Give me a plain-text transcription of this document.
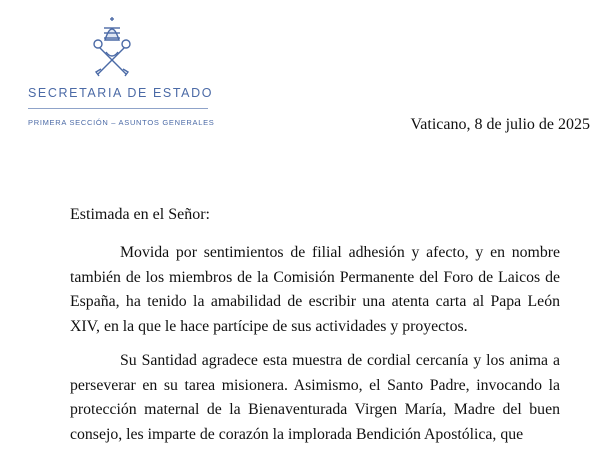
SECRETARIA DE ESTADO
PRIMERA SECCIÓN – ASUNTOS GENERALES	Vaticano, 8 de julio de 2025
Estimada en el Señor:

Movida por sentimientos de filial adhesión y afecto, y en nombre también de los miembros de la Comisión Permanente del Foro de Laicos de España, ha tenido la amabilidad de escribir una atenta carta al Papa León XIV, en la que le hace partícipe de sus actividades y proyectos.

Su Santidad agradece esta muestra de cordial cercanía y los anima a perseverar en su tarea misionera. Asimismo, el Santo Padre, invocando la protección maternal de la Bienaventurada Virgen María, Madre del buen consejo, les imparte de corazón la implorada Bendición Apostólica, que
